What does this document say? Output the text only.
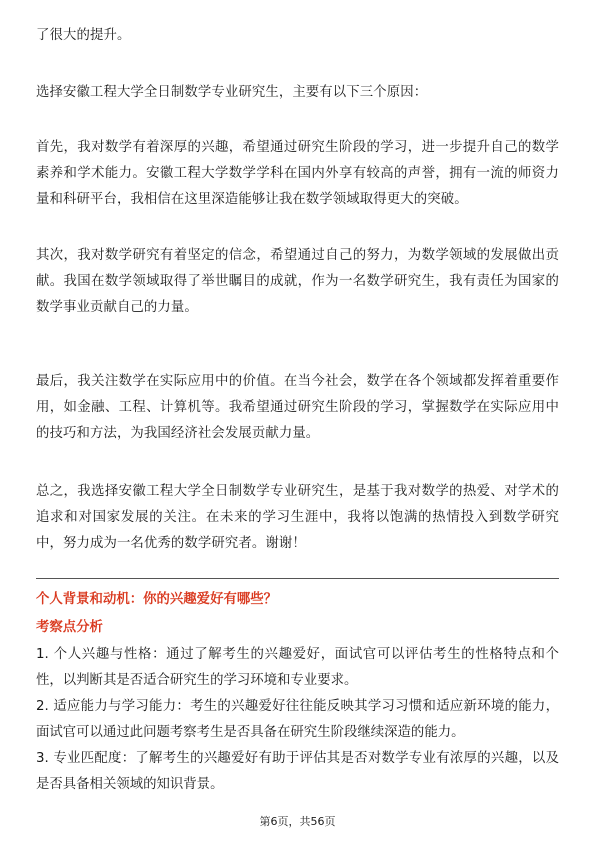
了很大的提升。

选择安徽工程大学全日制数学专业研究生，主要有以下三个原因：

首先，我对数学有着深厚的兴趣，希望通过研究生阶段的学习，进一步提升自己的数学素养和学术能力。安徽工程大学数学学科在国内外享有较高的声誉，拥有一流的师资力量和科研平台，我相信在这里深造能够让我在数学领域取得更大的突破。

其次，我对数学研究有着坚定的信念，希望通过自己的努力，为数学领域的发展做出贡献。我国在数学领域取得了举世瞩目的成就，作为一名数学研究生，我有责任为国家的数学事业贡献自己的力量。

最后，我关注数学在实际应用中的价值。在当今社会，数学在各个领域都发挥着重要作用，如金融、工程、计算机等。我希望通过研究生阶段的学习，掌握数学在实际应用中的技巧和方法，为我国经济社会发展贡献力量。

总之，我选择安徽工程大学全日制数学专业研究生，是基于我对数学的热爱、对学术的追求和对国家发展的关注。在未来的学习生涯中，我将以饱满的热情投入到数学研究中，努力成为一名优秀的数学研究者。谢谢！

个人背景和动机：你的兴趣爱好有哪些？

考察点分析

1. 个人兴趣与性格：通过了解考生的兴趣爱好，面试官可以评估考生的性格特点和个性，以判断其是否适合研究生的学习环境和专业要求。
2. 适应能力与学习能力：考生的兴趣爱好往往能反映其学习习惯和适应新环境的能力，面试官可以通过此问题考察考生是否具备在研究生阶段继续深造的能力。
3. 专业匹配度：了解考生的兴趣爱好有助于评估其是否对数学专业有浓厚的兴趣，以及是否具备相关领域的知识背景。
第6页，共56页
